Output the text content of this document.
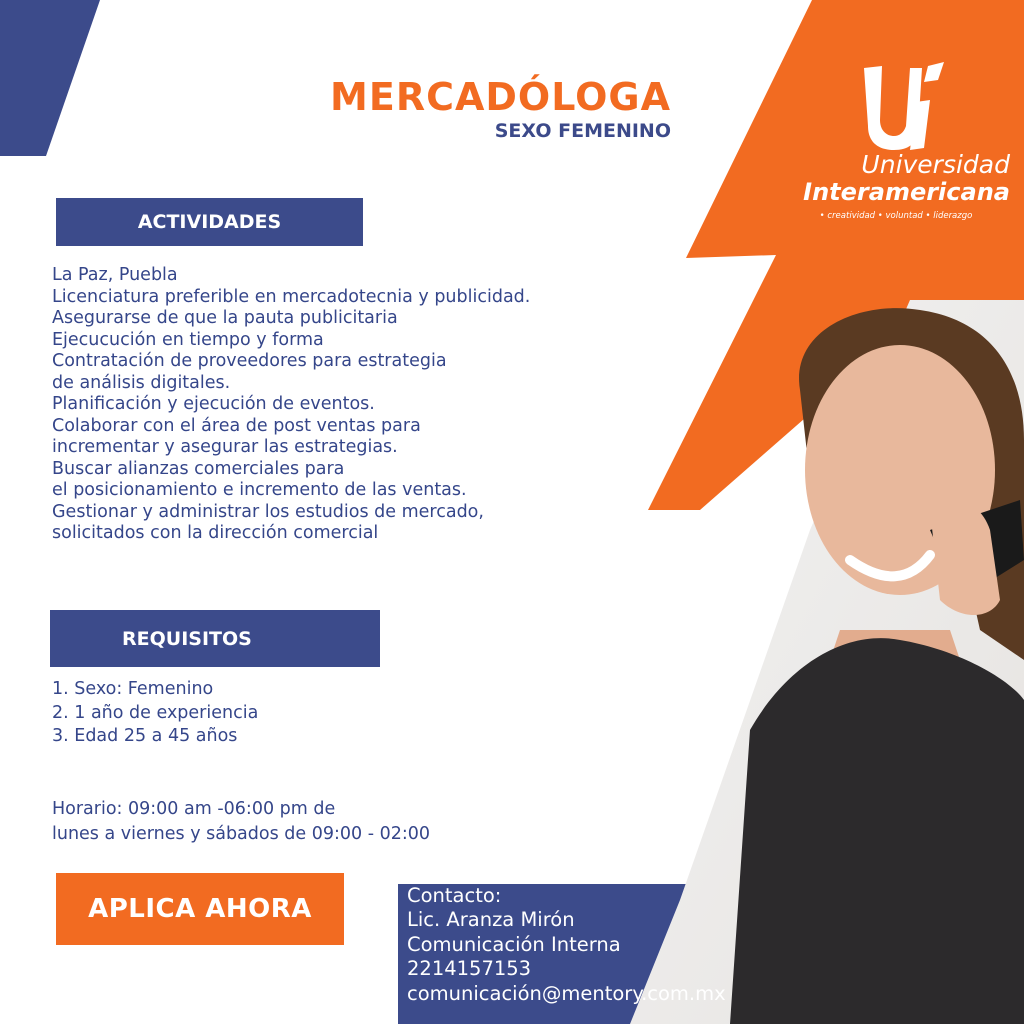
MERCADÓLOGA
SEXO FEMENINO
Universidad
Interamericana
• creatividad • voluntad • liderazgo
ACTIVIDADES
La Paz, Puebla
Licenciatura preferible en mercadotecnia y publicidad.
Asegurarse de que la pauta publicitaria
Ejecucución en tiempo y forma
Contratación de proveedores para estrategia
de análisis digitales.
Planificación y ejecución de eventos.
Colaborar con el área de post ventas para
incrementar y asegurar las estrategias.
Buscar alianzas comerciales para
el posicionamiento e incremento de las ventas.
Gestionar y administrar los estudios de mercado,
solicitados con la dirección comercial
REQUISITOS
1. Sexo: Femenino
2. 1 año de experiencia
3. Edad 25 a 45 años
Horario: 09:00 am -06:00 pm de
lunes a viernes y sábados de 09:00 - 02:00
APLICA AHORA	Contacto:
Lic. Aranza Mirón
Comunicación Interna
2214157153
comunicación@mentory.com.mx
